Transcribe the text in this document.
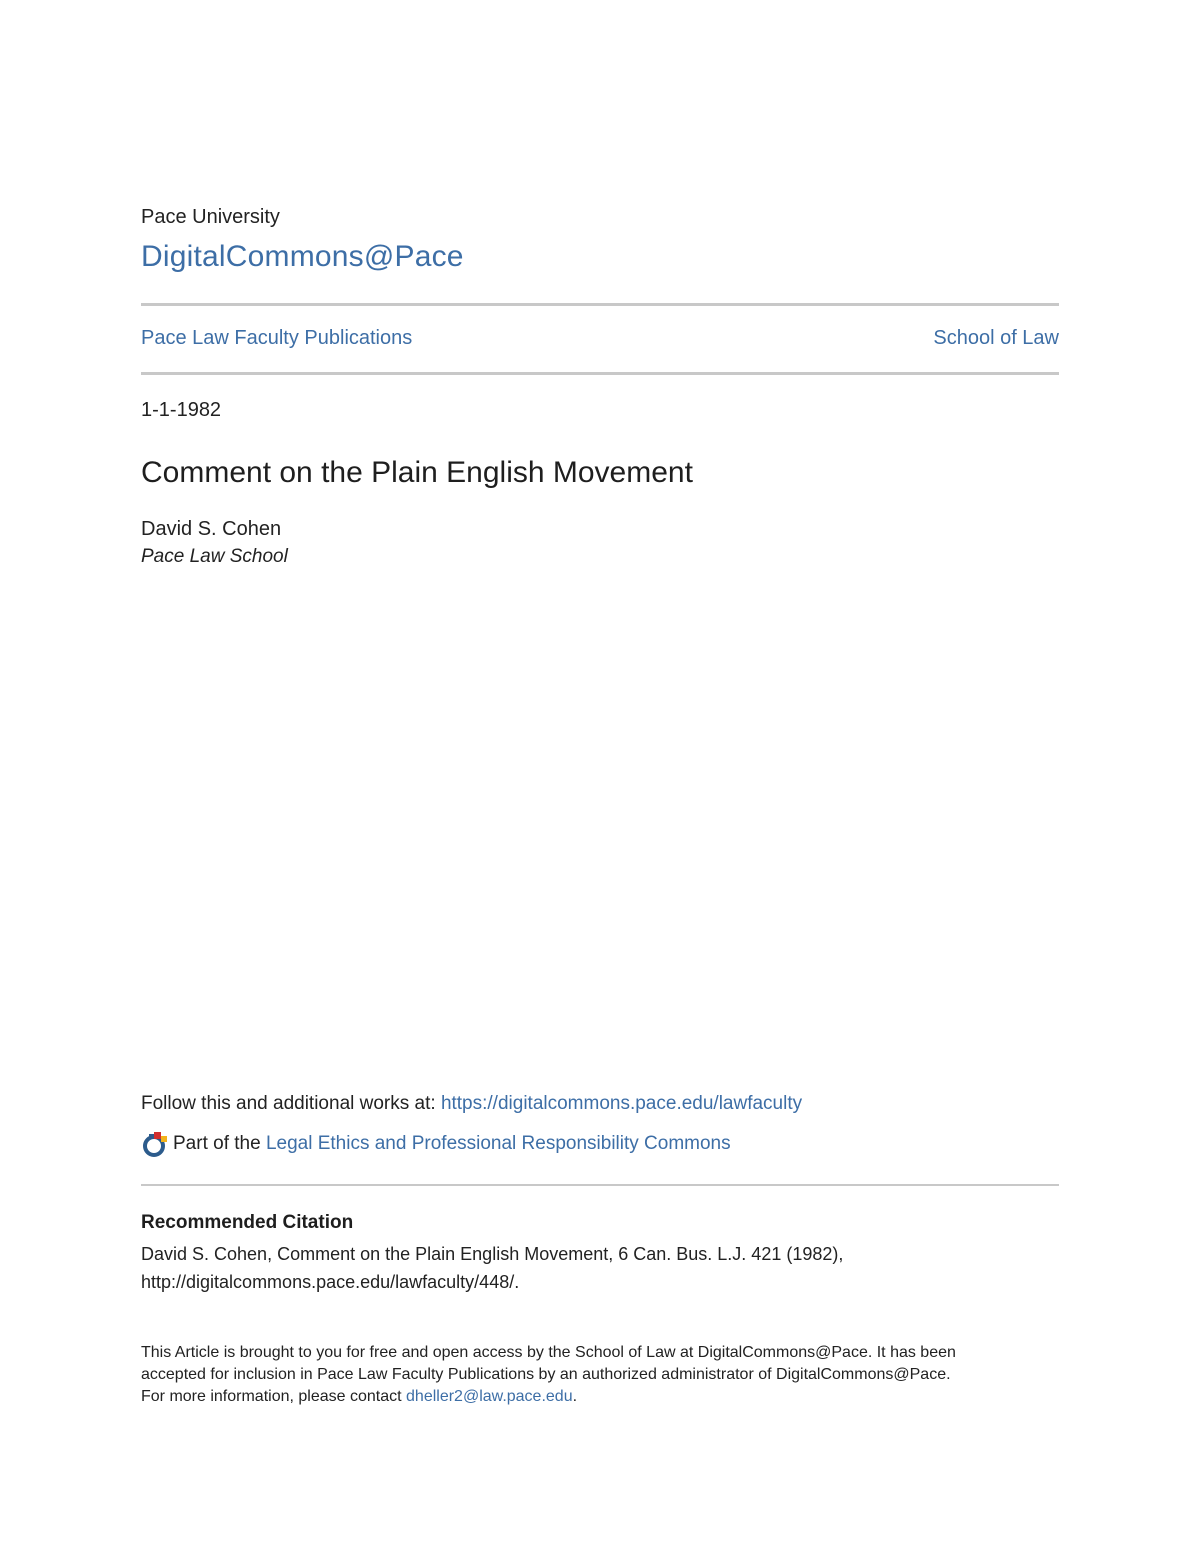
Pace University
DigitalCommons@Pace
Pace Law Faculty Publications	School of Law
1-1-1982
Comment on the Plain English Movement
David S. Cohen
Pace Law School
Follow this and additional works at: https://digitalcommons.pace.edu/lawfaculty
Part of the
Legal Ethics and Professional Responsibility Commons
Recommended Citation
David S. Cohen, Comment on the Plain English Movement, 6 Can. Bus. L.J. 421 (1982),
http://digitalcommons.pace.edu/lawfaculty/448/.
This Article is brought to you for free and open access by the School of Law at DigitalCommons@Pace. It has been
accepted for inclusion in Pace Law Faculty Publications by an authorized administrator of DigitalCommons@Pace.
For more information, please contact dheller2@law.pace.edu.
